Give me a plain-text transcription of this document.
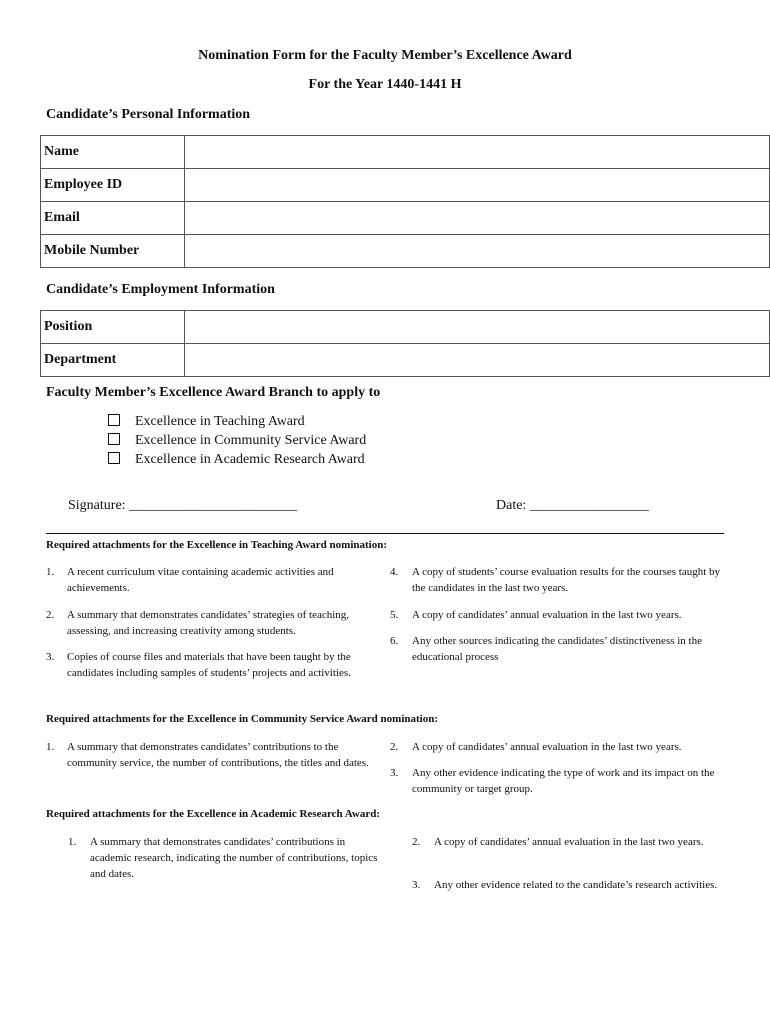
Nomination Form for the Faculty Member’s Excellence Award
For the Year 1440-1441 H
Candidate’s Personal Information
Name	
Employee ID	
Email	
Mobile Number	
Candidate’s Employment Information
Position	
Department	
Faculty Member’s Excellence Award Branch to apply to
Excellence in Teaching Award
Excellence in Community Service Award
Excellence in Academic Research Award
Signature: ________________________	Date: _________________
Required attachments for the Excellence in Teaching Award nomination:
1. A recent curriculum vitae containing academic activities and achievements.
2. A summary that demonstrates candidates’ strategies of teaching, assessing, and increasing creativity among students.
3. Copies of course files and materials that have been taught by the candidates including samples of students’ projects and activities.
4. A copy of students’ course evaluation results for the courses taught by the candidates in the last two years.
5. A copy of candidates’ annual evaluation in the last two years.
6. Any other sources indicating the candidates’ distinctiveness in the educational process
Required attachments for the Excellence in Community Service Award nomination:
1. A summary that demonstrates candidates’ contributions to the community service, the number of contributions, the titles and dates.
2. A copy of candidates’ annual evaluation in the last two years.
3. Any other evidence indicating the type of work and its impact on the community or target group.
Required attachments for the Excellence in Academic Research Award:
1. A summary that demonstrates candidates’ contributions in academic research, indicating the number of contributions, topics and dates.
2. A copy of candidates’ annual evaluation in the last two years.
3. Any other evidence related to the candidate’s research activities.
